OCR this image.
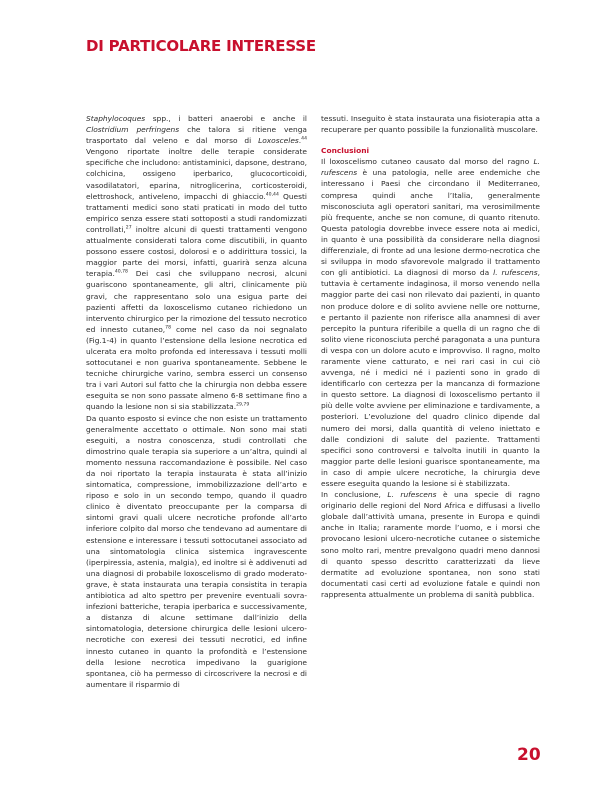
DI PARTICOLARE INTERESSE

Staphylocoques spp., i batteri anaerobi e anche il Clostridium perfringens che talora si ritiene venga trasportato dal veleno e dal morso di Loxosceles.$^{44}$ Vengono riportate inoltre delle terapie considerate specifiche che includono: antistaminici, dapsone, destrano, colchicina, ossigeno iperbarico, glucocorticoidi, vasodilatatori, eparina, nitroglicerina, corticosteroidi, elettroshock, antiveleno, impacchi di ghiaccio.$^{40,44}$ Questi trattamenti medici sono stati praticati in modo del tutto empirico senza essere stati sottoposti a studi randomizzati controllati,$^{27}$ inoltre alcuni di questi trattamenti vengono attualmente considerati talora come discutibili, in quanto possono essere costosi, dolorosi e o addirittura tossici, la maggior parte dei morsi, infatti, guarirà senza alcuna terapia.$^{40,78}$ Dei casi che sviluppano necrosi, alcuni guariscono spontaneamente, gli altri, clinicamente più gravi, che rappresentano solo una esigua parte dei pazienti affetti da loxoscelismo cutaneo richiedono un intervento chirurgico per la rimozione del tessuto necrotico ed innesto cutaneo,$^{78}$ come nel caso da noi segnalato (Fig.1-4) in quanto l’estensione della lesione necrotica ed ulcerata era molto profonda ed interessava i tessuti molli sottocutanei e non guariva spontaneamente. Sebbene le tecniche chirurgiche varino, sembra esserci un consenso tra i vari Autori sul fatto che la chirurgia non debba essere eseguita se non sono passate almeno 6-8 settimane fino a quando la lesione non si sia stabilizzata.$^{29,79}$

Da quanto esposto si evince che non esiste un trattamento generalmente accettato o ottimale. Non sono mai stati eseguiti, a nostra conoscenza, studi controllati che dimostrino quale terapia sia superiore a un’altra, quindi al momento nessuna raccomandazione è possibile. Nel caso da noi riportato la terapia instaurata è stata all’inizio sintomatica, compressione, immobilizzazione dell’arto e riposo e solo in un secondo tempo, quando il quadro clinico è diventato preoccupante per la comparsa di sintomi gravi quali ulcere necrotiche profonde all’arto inferiore colpito dal morso che tendevano ad aumentare di estensione e interessare i tessuti sottocutanei associato ad una sintomatologia clinica sistemica ingravescente (iperpiressia, astenia, malgia), ed inoltre si è addivenuti ad una diagnosi di probabile loxoscelismo di grado moderato-grave, è stata instaurata una terapia consistita in terapia antibiotica ad alto spettro per prevenire eventuali sovra-infezioni batteriche, terapia iperbarica e successivamente, a distanza di alcune settimane dall’inizio della sintomatologia, detersione chirurgica delle lesioni ulcero-necrotiche con exeresi dei tessuti necrotici, ed infine innesto cutaneo in quanto la profondità e l’estensione della lesione necrotica impedivano la guarigione spontanea, ciò ha permesso di circoscrivere la necrosi e di aumentare il risparmio di

tessuti. Inseguito è stata instaurata una fisioterapia atta a recuperare per quanto possibile la funzionalità muscolare.

Conclusioni

Il loxoscelismo cutaneo causato dal morso del ragno L. rufescens è una patologia, nelle aree endemiche che interessano i Paesi che circondano il Mediterraneo, compresa quindi anche l’Italia, generalmente misconosciuta agli operatori sanitari, ma verosimilmente più frequente, anche se non comune, di quanto ritenuto. Questa patologia dovrebbe invece essere nota ai medici, in quanto è una possibilità da considerare nella diagnosi differenziale, di fronte ad una lesione dermo-necrotica che si sviluppa in modo sfavorevole malgrado il trattamento con gli antibiotici. La diagnosi di morso da l. rufescens, tuttavia è certamente indaginosa, il morso venendo nella maggior parte dei casi non rilevato dai pazienti, in quanto non produce dolore e di solito avviene nelle ore notturne, e pertanto il paziente non riferisce alla anamnesi di aver percepito la puntura riferibile a quella di un ragno che di solito viene riconosciuta perché paragonata a una puntura di vespa con un dolore acuto e improvviso. Il ragno, molto raramente viene catturato, e nei rari casi in cui ciò avvenga, né i medici né i pazienti sono in grado di identificarlo con certezza per la mancanza di formazione in questo settore. La diagnosi di loxoscelismo pertanto il più delle volte avviene per eliminazione e tardivamente, a posteriori. L’evoluzione del quadro clinico dipende dal numero dei morsi, dalla quantità di veleno iniettato e dalle condizioni di salute del paziente. Trattamenti specifici sono controversi e talvolta inutili in quanto la maggior parte delle lesioni guarisce spontaneamente, ma in caso di ampie ulcere necrotiche, la chirurgia deve essere eseguita quando la lesione si è stabilizzata.

In conclusione, L. rufescens è una specie di ragno originario delle regioni del Nord Africa e diffusasi a livello globale dall’attività umana, presente in Europa e quindi anche in Italia; raramente morde l’uomo, e i morsi che provocano lesioni ulcero-necrotiche cutanee o sistemiche sono molto rari, mentre prevalgono quadri meno dannosi di quanto spesso descritto caratterizzati da lieve dermatite ad evoluzione spontanea, non sono stati documentati casi certi ad evoluzione fatale e quindi non rappresenta attualmente un problema di sanità pubblica.

20
